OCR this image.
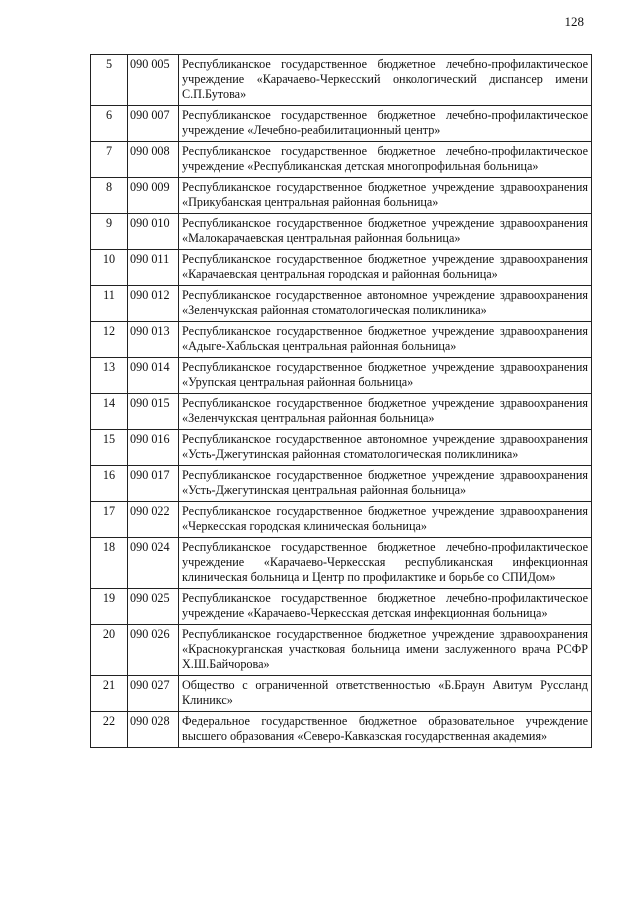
128
5	090 005	Республиканское государственное бюджетное лечебно-профилактическое учреждение «Карачаево-Черкесский онкологический диспансер имени С.П.Бутова»
6	090 007	Республиканское государственное бюджетное лечебно-профилактическое учреждение «Лечебно-реабилитационный центр»
7	090 008	Республиканское государственное бюджетное лечебно-профилактическое учреждение «Республиканская детская многопрофильная больница»
8	090 009	Республиканское государственное бюджетное учреждение здравоохранения «Прикубанская центральная районная больница»
9	090 010	Республиканское государственное бюджетное учреждение здравоохранения «Малокарачаевская центральная районная больница»
10	090 011	Республиканское государственное бюджетное учреждение здравоохранения «Карачаевская центральная городская и районная больница»
11	090 012	Республиканское государственное автономное учреждение здравоохранения «Зеленчукская районная стоматологическая поликлиника»
12	090 013	Республиканское государственное бюджетное учреждение здравоохранения «Адыге-Хабльская центральная районная больница»
13	090 014	Республиканское государственное бюджетное учреждение здравоохранения «Урупская центральная районная больница»
14	090 015	Республиканское государственное бюджетное учреждение здравоохранения «Зеленчукская центральная районная больница»
15	090 016	Республиканское государственное автономное учреждение здравоохранения «Усть-Джегутинская районная стоматологическая поликлиника»
16	090 017	Республиканское государственное бюджетное учреждение здравоохранения «Усть-Джегутинская центральная районная больница»
17	090 022	Республиканское государственное бюджетное учреждение здравоохранения «Черкесская городская клиническая больница»
18	090 024	Республиканское государственное бюджетное лечебно-профилактическое учреждение «Карачаево-Черкесская республиканская инфекционная клиническая больница и Центр по профилактике и борьбе со СПИДом»
19	090 025	Республиканское государственное бюджетное лечебно-профилактическое учреждение «Карачаево-Черкесская детская инфекционная больница»
20	090 026	Республиканское государственное бюджетное учреждение здравоохранения «Краснокурганская участковая больница имени заслуженного врача РСФР Х.Ш.Байчорова»
21	090 027	Общество с ограниченной ответственностью «Б.Браун Авитум Руссланд Клиникс»
22	090 028	Федеральное государственное бюджетное образовательное учреждение высшего образования «Северо-Кавказская государственная академия»
